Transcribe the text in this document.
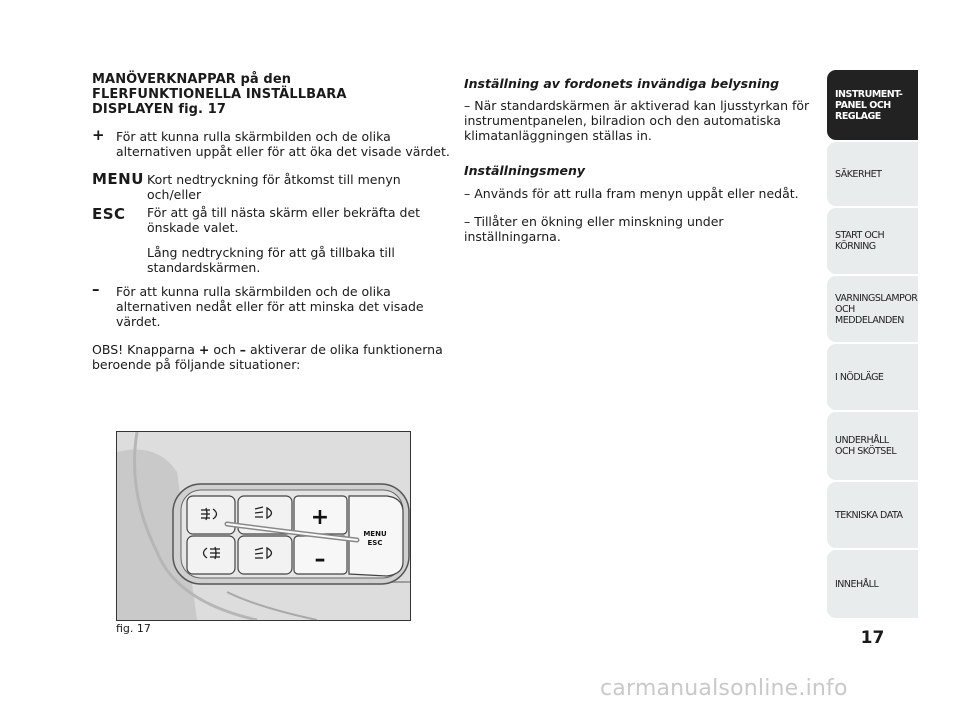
MANÖVERKNAPPAR på den FLERFUNKTIONELLA INSTÄLLBARA DISPLAYEN fig. 17
+ För att kunna rulla skärmbilden och de olika alternativen uppåt eller för att öka det visade värdet.
MENU Kort nedtryckning för åtkomst till menyn och/eller
ESC För att gå till nästa skärm eller bekräfta det önskade valet.
Lång nedtryckning för att gå tillbaka till standardskärmen.
– För att kunna rulla skärmbilden och de olika alternativen nedåt eller för att minska det visade värdet.
OBS! Knapparna + och – aktiverar de olika funktionerna beroende på följande situationer:
Inställning av fordonets invändiga belysning
– När standardskärmen är aktiverad kan ljusstyrkan för instrumentpanelen, bilradion och den automatiska klimatanläggningen ställas in.
Inställningsmeny
– Används för att rulla fram menyn uppåt eller nedåt.
– Tillåter en ökning eller minskning under inställningarna.
+
–
MENU
ESC
fig. 17
INSTRUMENT-
PANEL OCH
REGLAGE
SÄKERHET
START OCH
KÖRNING
VARNINGSLAMPOR
OCH
MEDDELANDEN
I NÖDLÄGE
UNDERHÅLL
OCH SKÖTSEL
TEKNISKA DATA
INNEHÅLL
17
carmanualsonline.info
